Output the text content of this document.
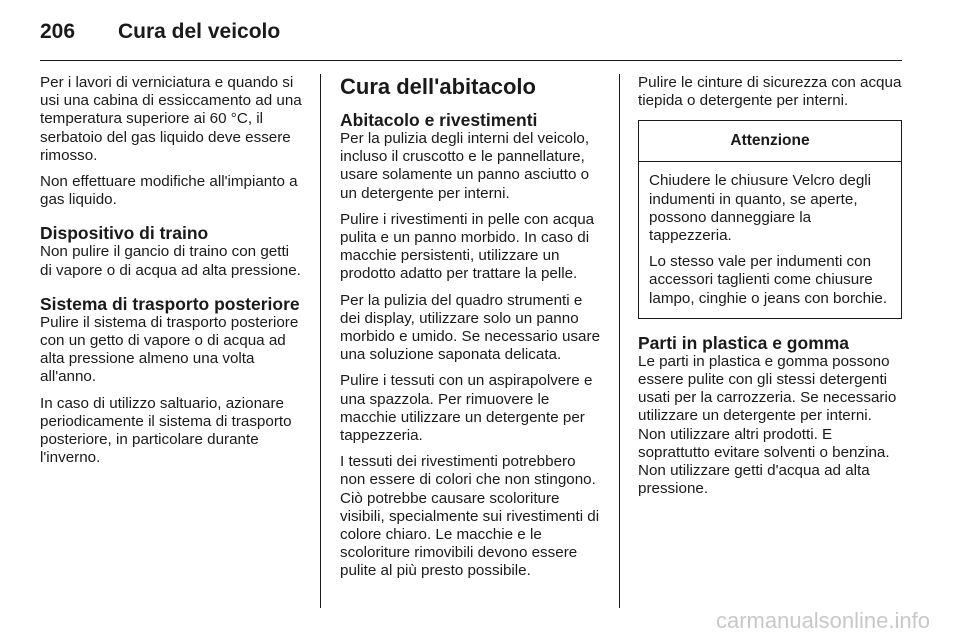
206	Cura del veicolo

Per i lavori di verniciatura e quando si usi una cabina di essiccamento ad una temperatura superiore ai 60 °C, il serbatoio del gas liquido deve essere rimosso.

Non effettuare modifiche all'impianto a gas liquido.

Dispositivo di traino

Non pulire il gancio di traino con getti di vapore o di acqua ad alta pressione.

Sistema di trasporto posteriore

Pulire il sistema di trasporto posteriore con un getto di vapore o di acqua ad alta pressione almeno una volta all'anno.

In caso di utilizzo saltuario, azionare periodicamente il sistema di trasporto posteriore, in particolare durante l'inverno.

Cura dell'abitacolo
Abitacolo e rivestimenti

Per la pulizia degli interni del veicolo, incluso il cruscotto e le pannellature, usare solamente un panno asciutto o un detergente per interni.

Pulire i rivestimenti in pelle con acqua pulita e un panno morbido. In caso di macchie persistenti, utilizzare un prodotto adatto per trattare la pelle.

Per la pulizia del quadro strumenti e dei display, utilizzare solo un panno morbido e umido. Se necessario usare una soluzione saponata delicata.

Pulire i tessuti con un aspirapolvere e una spazzola. Per rimuovere le macchie utilizzare un detergente per tappezzeria.

I tessuti dei rivestimenti potrebbero non essere di colori che non stingono. Ciò potrebbe causare scoloriture visibili, specialmente sui rivestimenti di colore chiaro. Le macchie e le scoloriture rimovibili devono essere pulite al più presto possibile.

Pulire le cinture di sicurezza con acqua tiepida o detergente per interni.

Attenzione

Chiudere le chiusure Velcro degli indumenti in quanto, se aperte, possono danneggiare la tappezzeria.

Lo stesso vale per indumenti con accessori taglienti come chiusure lampo, cinghie o jeans con borchie.

Parti in plastica e gomma

Le parti in plastica e gomma possono essere pulite con gli stessi detergenti usati per la carrozzeria. Se necessario utilizzare un detergente per interni. Non utilizzare altri prodotti. E soprattutto evitare solventi o benzina. Non utilizzare getti d'acqua ad alta pressione.

carmanualsonline.info
